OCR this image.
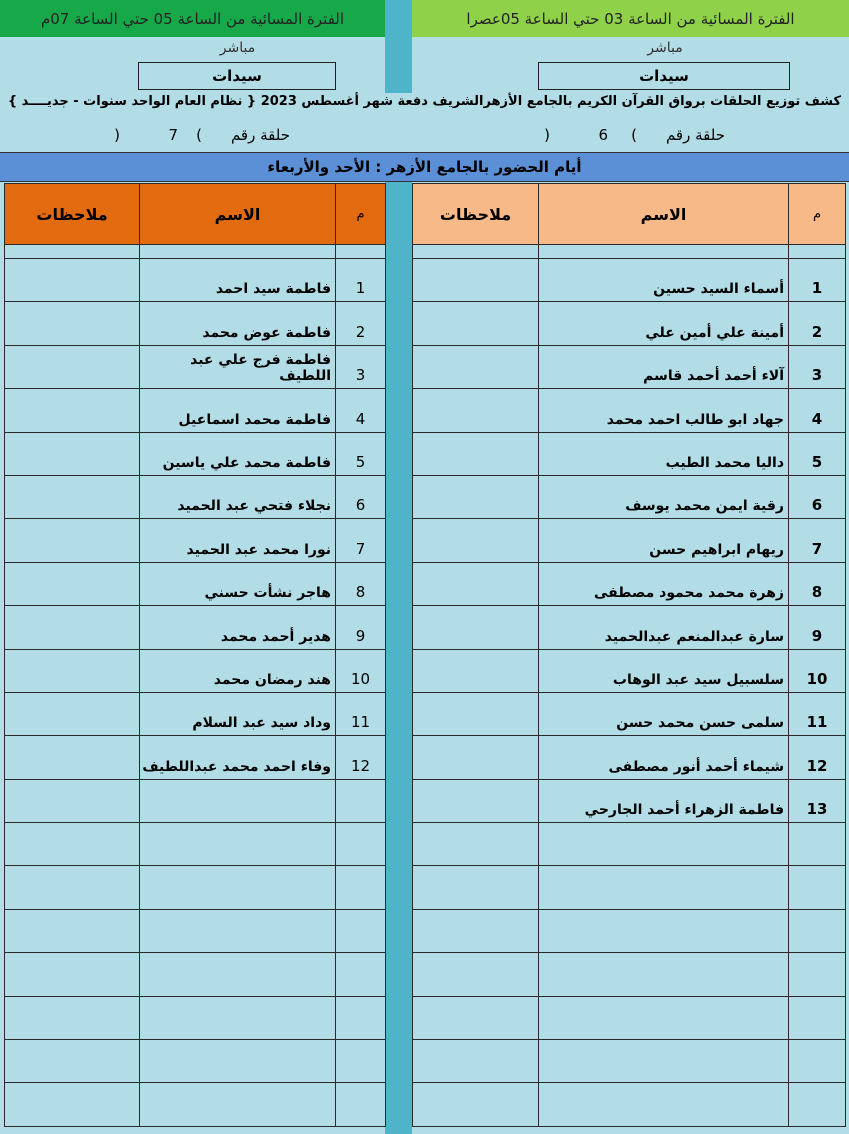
الفترة المسائية من الساعة 05 حتي الساعة 07م	الفترة المسائية من الساعة 03 حتي الساعة 05عصرا
مباشر	مباشر
سيدات	سيدات
كشف توزيع الحلقات برواق القرآن الكريم بالجامع الأزهرالشريف دفعة شهر أغسطس 2023 { نظام العام الواحد سنوات - جديــــد }
حلقة رقم
(
7
)	حلقة رقم
(
6
)
أيام الحضور بالجامع الأزهر : الأحد والأربعاء
ملاحظات	الاسم	م

	فاطمة سيد احمد	1
	فاطمة عوض محمد	2
	فاطمة فرج علي عبد اللطيف	3
	فاطمة محمد اسماعيل	4
	فاطمة محمد علي ياسين	5
	نجلاء فتحي عبد الحميد	6
	نورا محمد عبد الحميد	7
	هاجر نشأت حسني	8
	هدير أحمد محمد	9
	هند رمضان محمد	10
	وداد سيد عبد السلام	11
	وفاء احمد محمد عبداللطيف	12

ملاحظات	الاسم	م

	أسماء السيد حسين	1
	أمينة علي أمين علي	2
	آلاء أحمد أحمد قاسم	3
	جهاد ابو طالب احمد محمد	4
	داليا محمد الطيب	5
	رقية ايمن محمد يوسف	6
	ريهام ابراهيم حسن	7
	زهرة محمد محمود مصطفى	8
	سارة عبدالمنعم عبدالحميد	9
	سلسبيل سيد عبد الوهاب	10
	سلمى حسن محمد حسن	11
	شيماء أحمد أنور مصطفى	12
	فاطمة الزهراء أحمد الجارحي	13
